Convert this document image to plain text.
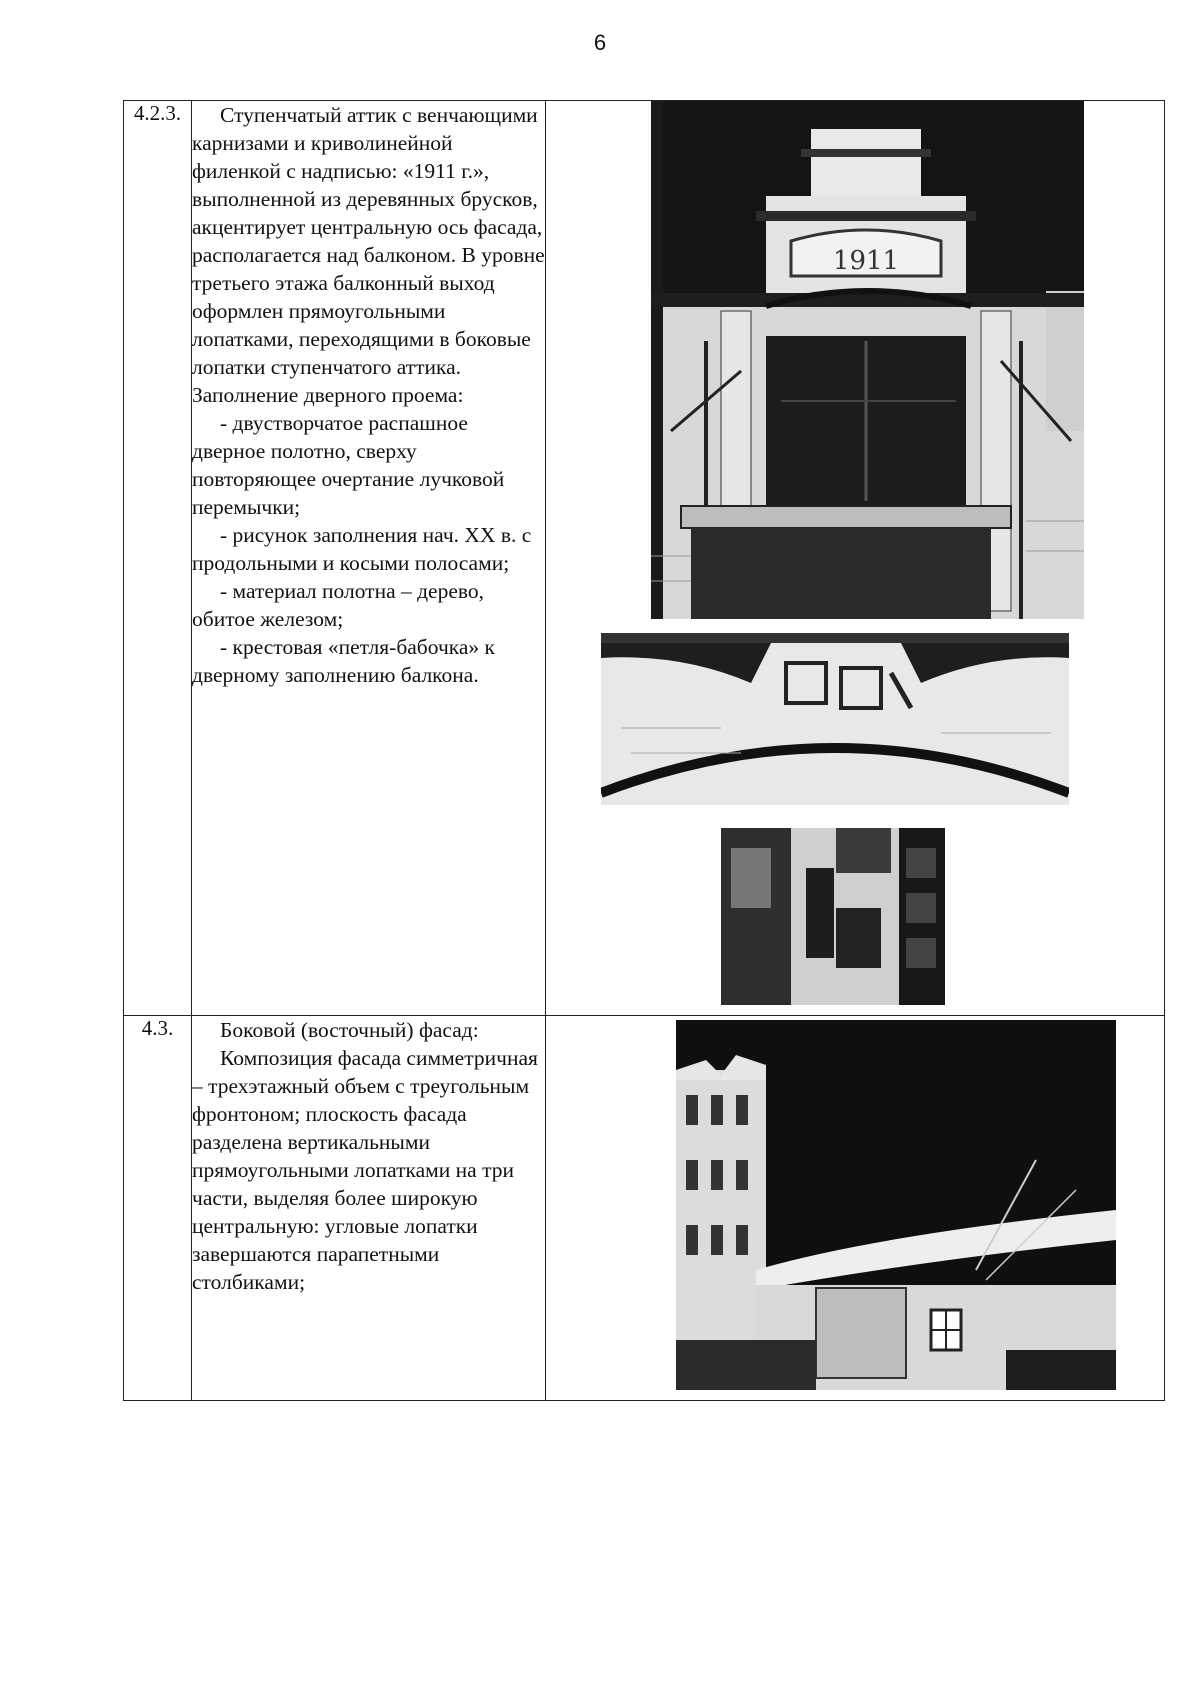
6
4.2.3.	Ступенчатый аттик с венчающими карнизами и криволинейной филенкой с надписью: «1911 г.», выполненной из деревянных брусков, акцентирует центральную ось фасада, располагается над балконом. В уровне третьего этажа балконный выход оформлен прямоугольными лопатками, переходящими в боковые лопатки ступенчатого аттика. Заполнение дверного проема:

- двустворчатое распашное дверное полотно, сверху повторяющее очертание лучковой перемычки;

- рисунок заполнения нач. XX в. с продольными и косыми полосами;

- материал полотна – дерево, обитое железом;

- крестовая «петля-бабочка» к дверному заполнению балкона.	1911

4.3.	Боковой (восточный) фасад:

Композиция фасада симметричная – трехэтажный объем с треугольным фронтоном; плоскость фасада разделена вертикальными прямоугольными лопатками на три части, выделяя более широкую центральную: угловые лопатки завершаются парапетными столбиками;
